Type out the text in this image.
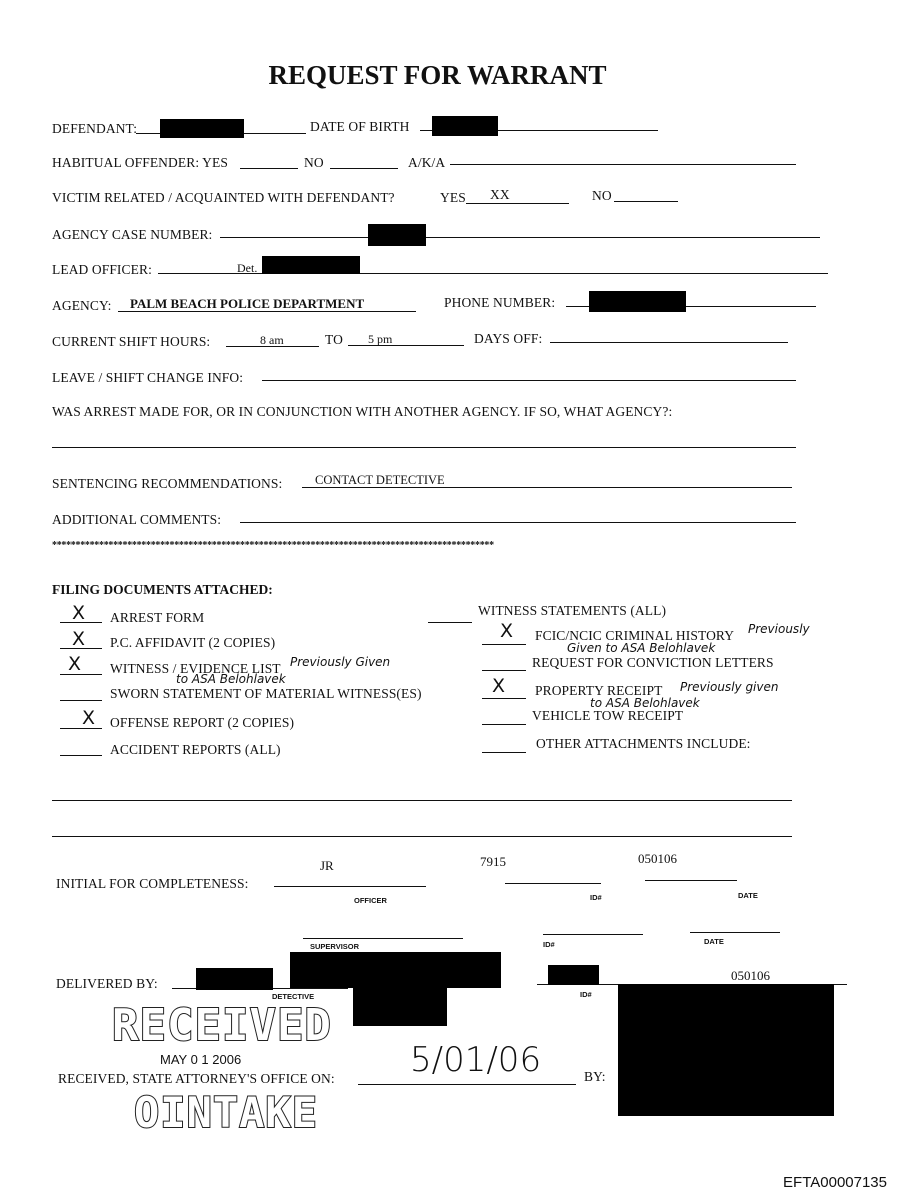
REQUEST FOR WARRANT
DEFENDANT:	DATE OF BIRTH
HABITUAL OFFENDER: YES	NO	A/K/A
VICTIM RELATED / ACQUAINTED WITH DEFENDANT?	YES XX	NO
AGENCY CASE NUMBER:
LEAD OFFICER:	Det.
AGENCY: PALM BEACH POLICE DEPARTMENT	PHONE NUMBER:
CURRENT SHIFT HOURS:	8 am	TO 5 pm	DAYS OFF:
LEAVE / SHIFT CHANGE INFO:
WAS ARREST MADE FOR, OR IN CONJUNCTION WITH ANOTHER AGENCY. IF SO, WHAT AGENCY?:
SENTENCING RECOMMENDATIONS:	CONTACT DETECTIVE
ADDITIONAL COMMENTS:
**********************************************************************************************
FILING DOCUMENTS ATTACHED:
X ARREST FORM
X P.C. AFFIDAVIT (2 COPIES)
X WITNESS / EVIDENCE LIST Previously Given
to ASA Belohlavek
SWORN STATEMENT OF MATERIAL WITNESS(ES)
X OFFENSE REPORT (2 COPIES)
ACCIDENT REPORTS (ALL)
WITNESS STATEMENTS (ALL)
X FCIC/NCIC CRIMINAL HISTORY Previously
Given to ASA Belohlavek
REQUEST FOR CONVICTION LETTERS
X PROPERTY RECEIPT Previously given
to ASA Belohlavek
VEHICLE TOW RECEIPT
OTHER ATTACHMENTS INCLUDE:
JR	7915	050106
INITIAL FOR COMPLETENESS:
OFFICER	ID#	DATE
SUPERVISOR	ID#	DATE
DELIVERED BY:
DETECTIVE
050106
ID#
RECEIVED
MAY 0 1 2006
OINTAKE
RECEIVED, STATE ATTORNEY'S OFFICE ON: 5/01/06	BY:
EFTA00007135
